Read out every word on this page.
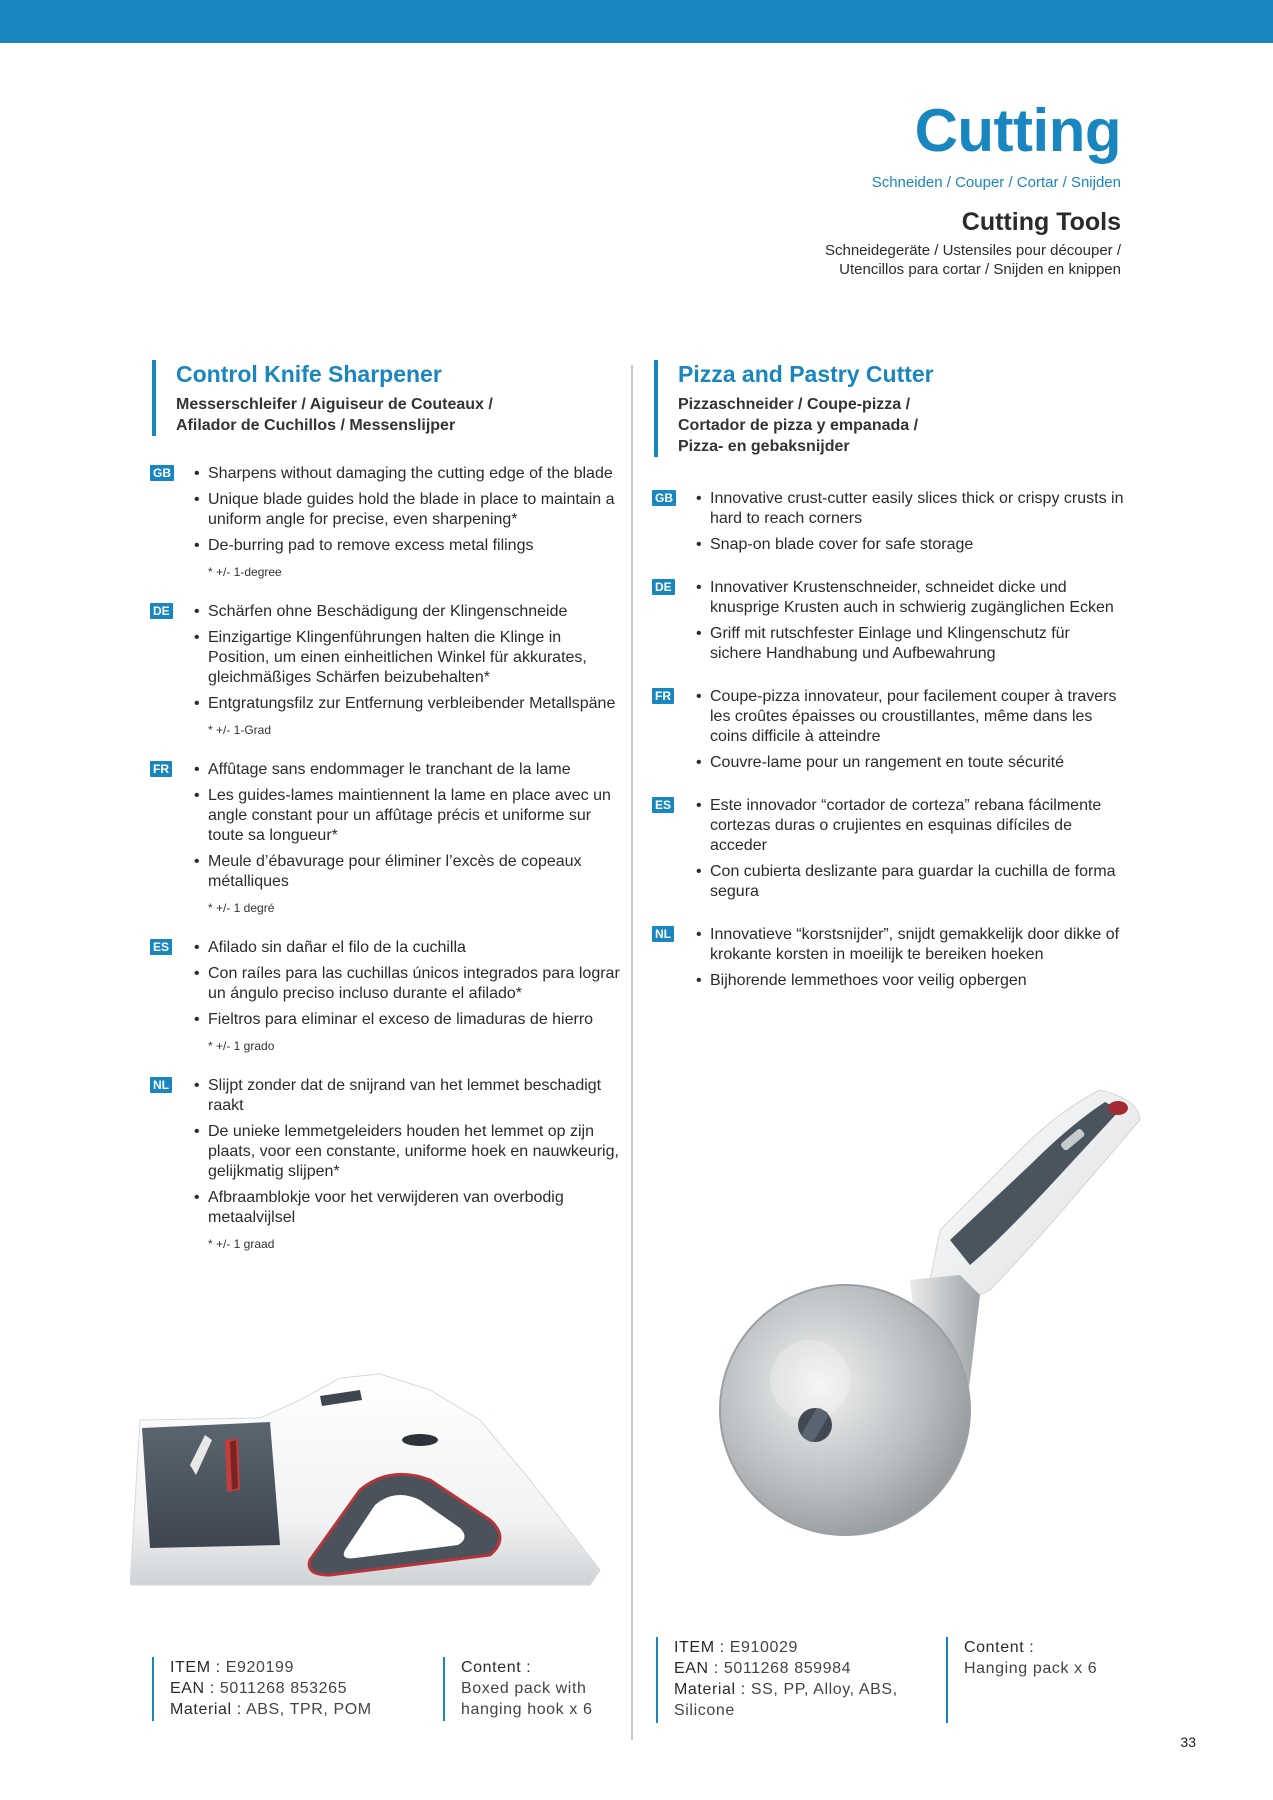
Cutting
Schneiden / Couper / Cortar / Snijden
Cutting Tools
Schneidegeräte / Ustensiles pour découper /
Utencillos para cortar / Snijden en knippen
Control Knife Sharpener
Messerschleifer / Aiguiseur de Couteaux /
Afilador de Cuchillos / Messenslijper
GB	• Sharpens without damaging the cutting edge of the blade
• Unique blade guides hold the blade in place to maintain a uniform angle for precise, even sharpening*
• De-burring pad to remove excess metal filings
* +/- 1-degree
DE	• Schärfen ohne Beschädigung der Klingenschneide
• Einzigartige Klingenführungen halten die Klinge in Position, um einen einheitlichen Winkel für akkurates, gleichmäßiges Schärfen beizubehalten*
• Entgratungsfilz zur Entfernung verbleibender Metallspäne
* +/- 1-Grad
FR	• Affûtage sans endommager le tranchant de la lame
• Les guides-lames maintiennent la lame en place avec un angle constant pour un affûtage précis et uniforme sur toute sa longueur*
• Meule d’ébavurage pour éliminer l’excès de copeaux métalliques
* +/- 1 degré
ES	• Afilado sin dañar el filo de la cuchilla
• Con raíles para las cuchillas únicos integrados para lograr un ángulo preciso incluso durante el afilado*
• Fieltros para eliminar el exceso de limaduras de hierro
* +/- 1 grado
NL	• Slijpt zonder dat de snijrand van het lemmet beschadigt raakt
• De unieke lemmetgeleiders houden het lemmet op zijn plaats, voor een constante, uniforme hoek en nauwkeurig, gelijkmatig slijpen*
• Afbraamblokje voor het verwijderen van overbodig metaalvijlsel
* +/- 1 graad
Pizza and Pastry Cutter
Pizzaschneider / Coupe-pizza /
Cortador de pizza y empanada /
Pizza- en gebaksnijder
GB	• Innovative crust-cutter easily slices thick or crispy crusts in hard to reach corners
• Snap-on blade cover for safe storage
DE	• Innovativer Krustenschneider, schneidet dicke und knusprige Krusten auch in schwierig zugänglichen Ecken
• Griff mit rutschfester Einlage und Klingenschutz für sichere Handhabung und Aufbewahrung
FR	• Coupe-pizza innovateur, pour facilement couper à travers les croûtes épaisses ou croustillantes, même dans les coins difficile à atteindre
• Couvre-lame pour un rangement en toute sécurité
ES	• Este innovador “cortador de corteza” rebana fácilmente cortezas duras o crujientes en esquinas difíciles de acceder
• Con cubierta deslizante para guardar la cuchilla de forma segura
NL	• Innovatieve “korstsnijder”, snijdt gemakkelijk door dikke of krokante korsten in moeilijk te bereiken hoeken
• Bijhorende lemmethoes voor veilig opbergen
ITEM : E920199
EAN : 5011268 853265
Material : ABS, TPR, POM
Content :
Boxed pack with
hanging hook x 6
ITEM : E910029
EAN : 5011268 859984
Material : SS, PP, Alloy, ABS,
Silicone
Content :
Hanging pack x 6
33
